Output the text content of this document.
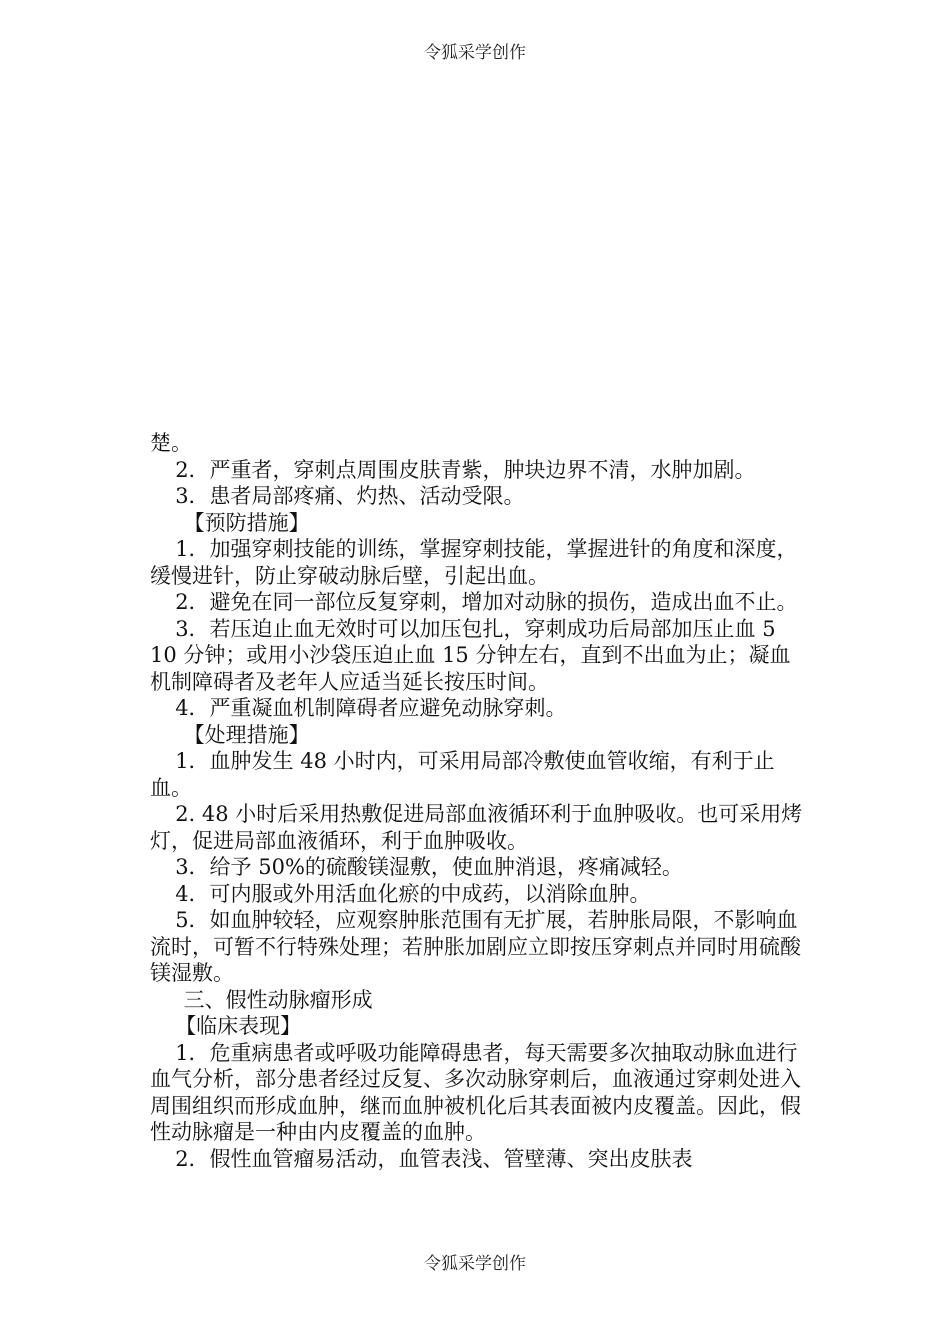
令狐采学创作

楚。

2．严重者，穿刺点周围皮肤青紫，肿块边界不清，水肿加剧。

3．患者局部疼痛、灼热、活动受限。

【预防措施】

1．加强穿刺技能的训练，掌握穿刺技能，掌握进针的角度和深度，缓慢进针，防止穿破动脉后壁，引起出血。

2．避免在同一部位反复穿刺，增加对动脉的损伤，造成出血不止。

3．若压迫止血无效时可以加压包扎，穿刺成功后局部加压止血 5 10 分钟；或用小沙袋压迫止血 15 分钟左右，直到不出血为止；凝血机制障碍者及老年人应适当延长按压时间。

4．严重凝血机制障碍者应避免动脉穿刺。

【处理措施】

1．血肿发生 48 小时内，可采用局部冷敷使血管收缩，有利于止血。

2. 48 小时后采用热敷促进局部血液循环利于血肿吸收。也可采用烤灯，促进局部血液循环，利于血肿吸收。

3．给予 50%的硫酸镁湿敷，使血肿消退，疼痛减轻。

4．可内服或外用活血化瘀的中成药，以消除血肿。

5．如血肿较轻，应观察肿胀范围有无扩展，若肿胀局限，不影响血流时，可暂不行特殊处理；若肿胀加剧应立即按压穿刺点并同时用硫酸镁湿敷。

三、假性动脉瘤形成

【临床表现】

1．危重病患者或呼吸功能障碍患者，每天需要多次抽取动脉血进行血气分析，部分患者经过反复、多次动脉穿刺后，血液通过穿刺处进入周围组织而形成血肿，继而血肿被机化后其表面被内皮覆盖。因此，假性动脉瘤是一种由内皮覆盖的血肿。

2．假性血管瘤易活动，血管表浅、管壁薄、突出皮肤表

令狐采学创作
